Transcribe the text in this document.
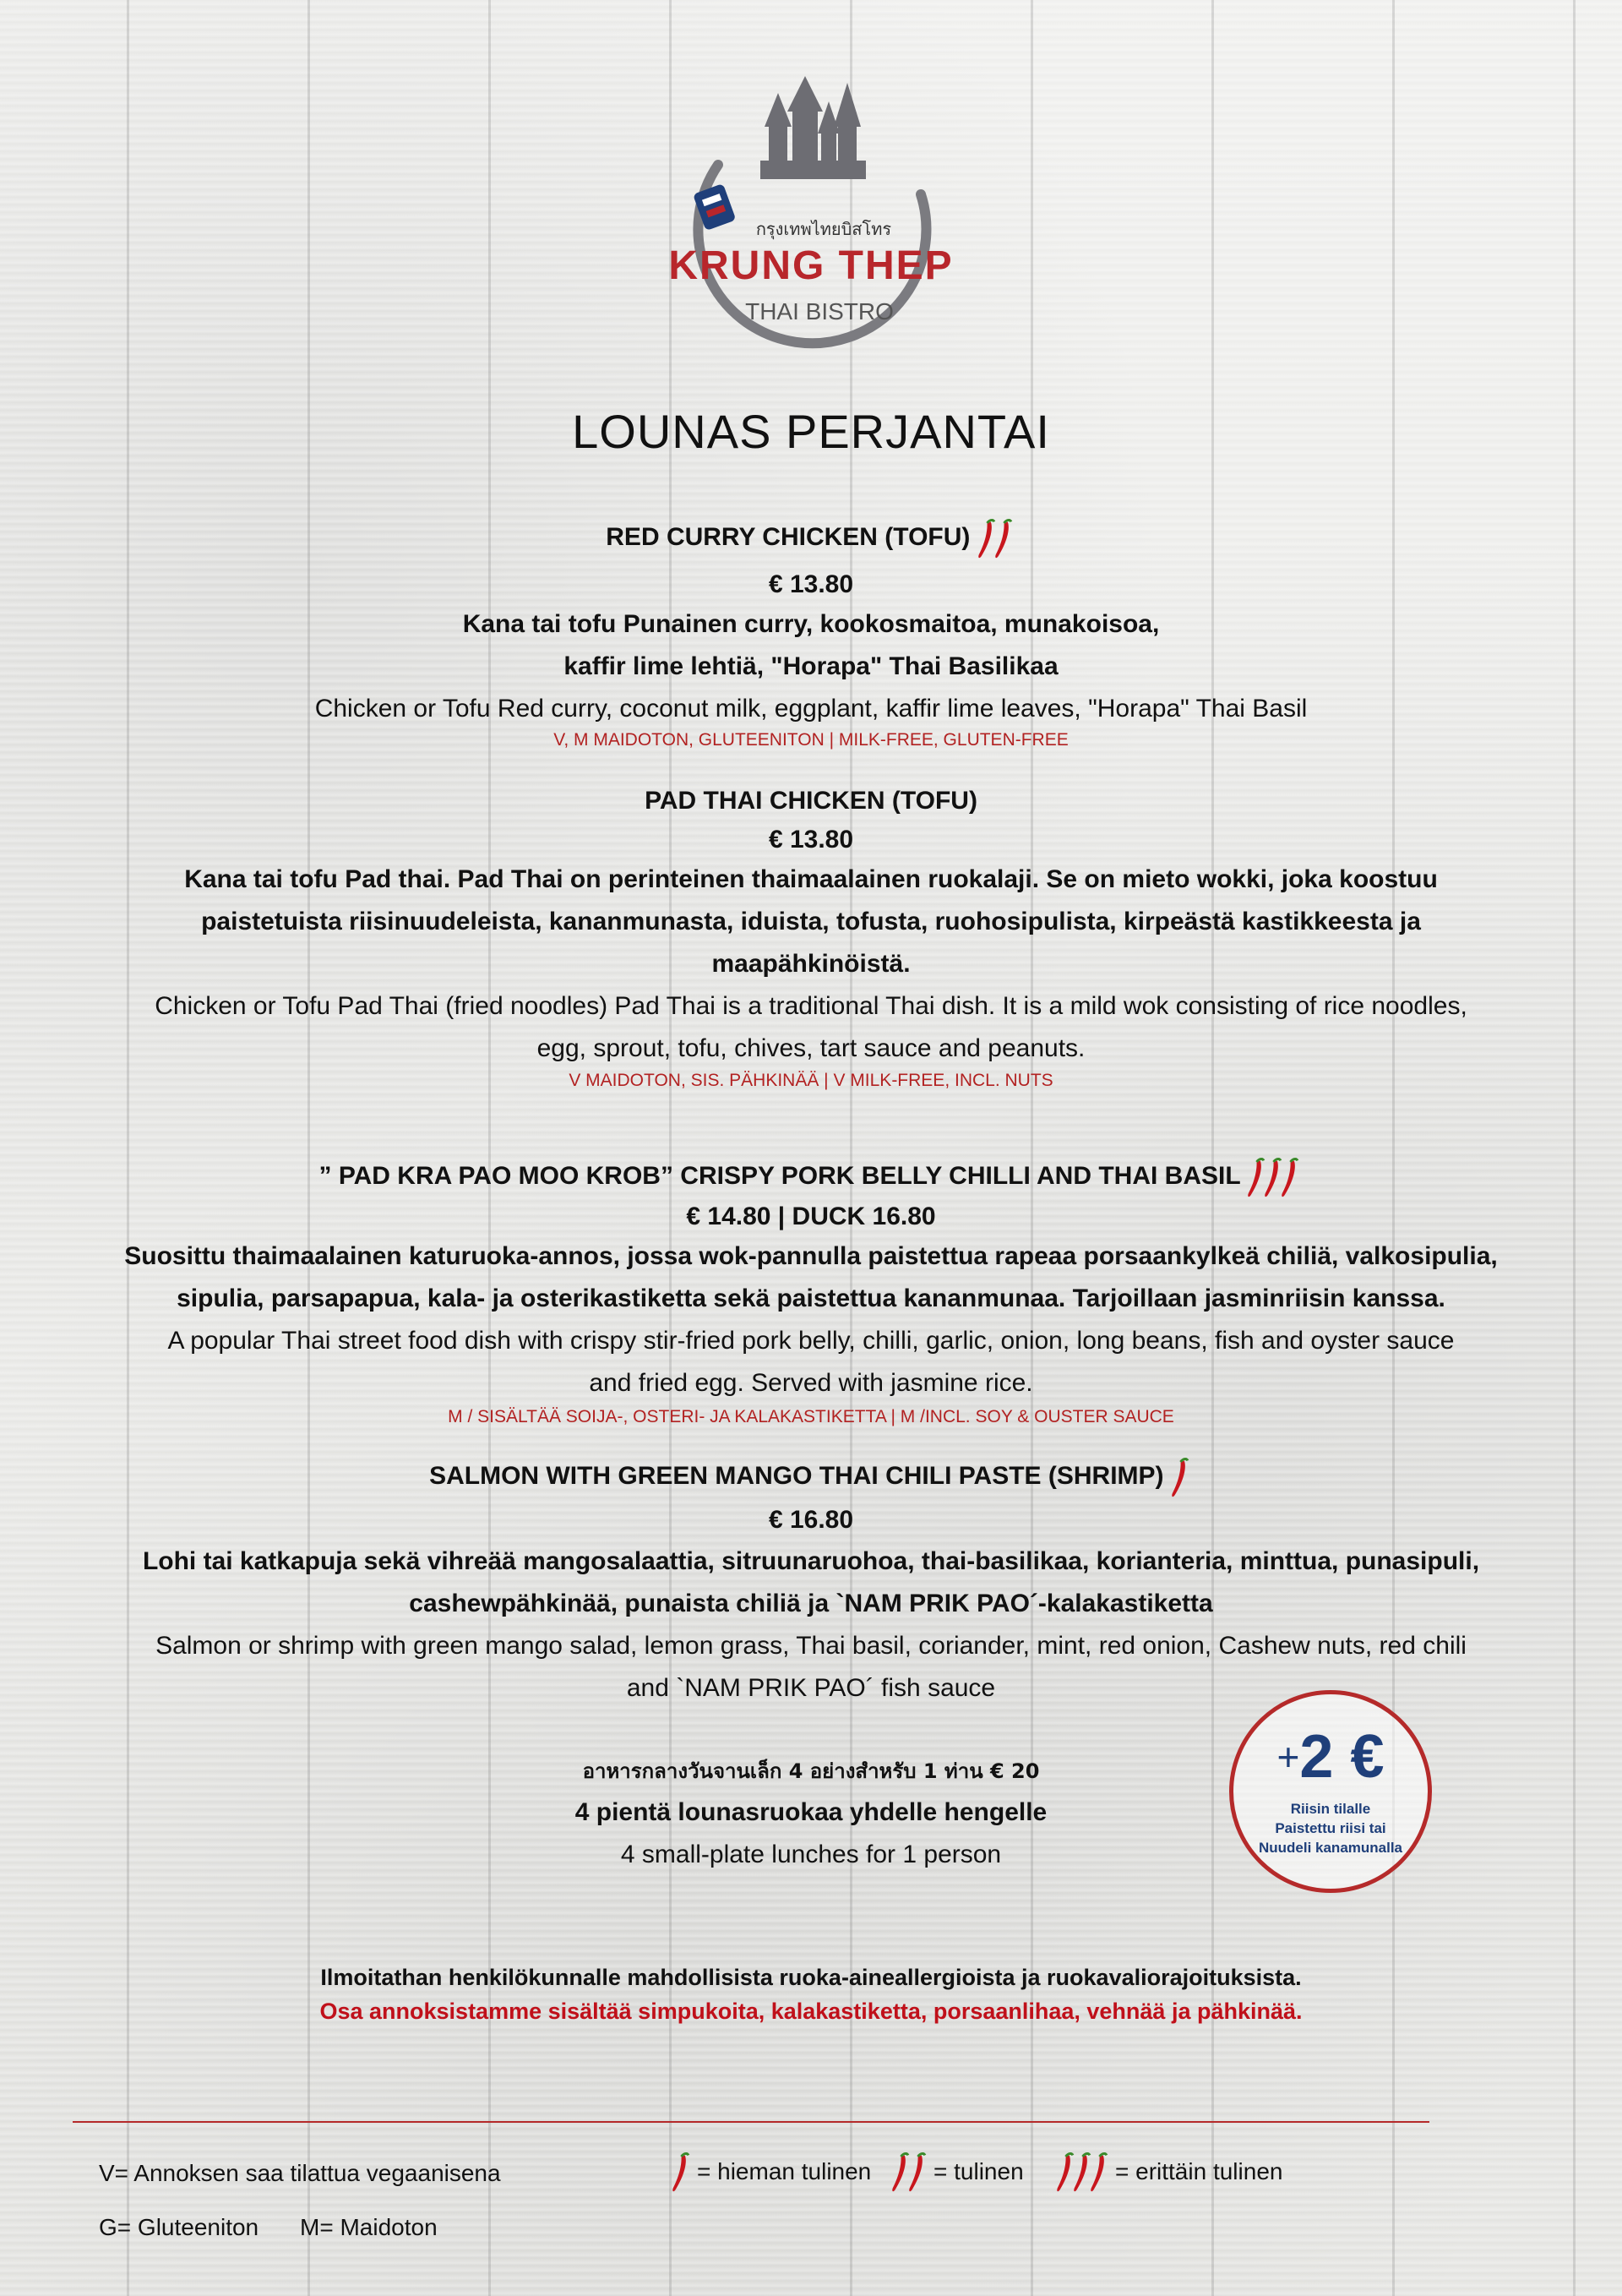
กรุงเทพไทยบิสโทร
KRUNG THEP
THAI BISTRO
LOUNAS PERJANTAI
RED CURRY CHICKEN (TOFU)
€ 13.80
Kana tai tofu Punainen curry, kookosmaitoa, munakoisoa,
kaffir lime lehtiä, "Horapa" Thai Basilikaa
Chicken or Tofu Red curry, coconut milk, eggplant, kaffir lime leaves, "Horapa" Thai Basil
V, M MAIDOTON, GLUTEENITON | MILK-FREE, GLUTEN-FREE
PAD THAI CHICKEN (TOFU)
€ 13.80
Kana tai tofu Pad thai. Pad Thai on perinteinen thaimaalainen ruokalaji. Se on mieto wokki, joka koostuu
paistetuista riisinuudeleista, kananmunasta, iduista, tofusta, ruohosipulista, kirpeästä kastikkeesta ja
maapähkinöistä.
Chicken or Tofu Pad Thai (fried noodles) Pad Thai is a traditional Thai dish. It is a mild wok consisting of rice noodles,
egg, sprout, tofu, chives, tart sauce and peanuts.
V MAIDOTON, SIS. PÄHKINÄÄ | V MILK-FREE, INCL. NUTS
” PAD KRA PAO MOO KROB” CRISPY PORK BELLY CHILLI AND THAI BASIL
€ 14.80 | DUCK 16.80
Suosittu thaimaalainen katuruoka-annos, jossa wok-pannulla paistettua rapeaa porsaankylkeä chiliä, valkosipulia,
sipulia, parsapapua, kala- ja osterikastiketta sekä paistettua kananmunaa. Tarjoillaan jasminriisin kanssa.
A popular Thai street food dish with crispy stir-fried pork belly, chilli, garlic, onion, long beans, fish and oyster sauce
and fried egg. Served with jasmine rice.
M / SISÄLTÄÄ SOIJA-, OSTERI- JA KALAKASTIKETTA | M /INCL. SOY & OUSTER SAUCE
SALMON WITH GREEN MANGO THAI CHILI PASTE (SHRIMP)
€ 16.80
Lohi tai katkapuja sekä vihreää mangosalaattia, sitruunaruohoa, thai-basilikaa, korianteria, minttua, punasipuli,
cashewpähkinää, punaista chiliä ja `NAM PRIK PAO´-kalakastiketta
Salmon or shrimp with green mango salad, lemon grass, Thai basil, coriander, mint, red onion, Cashew nuts, red chili
and `NAM PRIK PAO´ fish sauce
อาหารกลางวันจานเล็ก 4 อย่างสำหรับ 1 ท่าน € 20
4 pientä lounasruokaa yhdelle hengelle
4 small-plate lunches for 1 person
+2 €
Riisin tilalle
Paistettu riisi tai
Nuudeli kanamunalla
Ilmoitathan henkilökunnalle mahdollisista ruoka-aineallergioista ja ruokavaliorajoituksista.
Osa annoksistamme sisältää simpukoita, kalakastiketta, porsaanlihaa, vehnää ja pähkinää.
V= Annoksen saa tilattua vegaanisena
G= Gluteeniton M= Maidoton
= hieman tulinen	= tulinen	= erittäin tulinen
